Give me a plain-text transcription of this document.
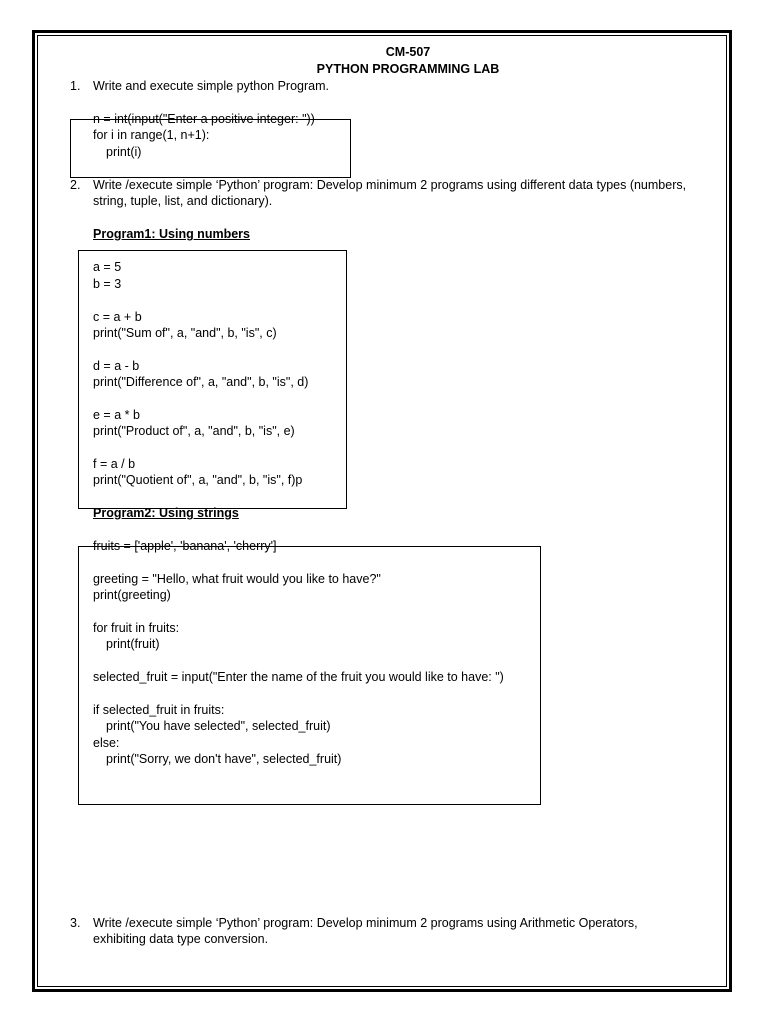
CM-507
PYTHON PROGRAMMING LAB
1. Write and execute simple python Program.
n = int(input("Enter a positive integer: "))
for i in range(1, n+1):
print(i)
2. Write /execute simple ‘Python’ program: Develop minimum 2 programs using different data types (numbers,
string, tuple, list, and dictionary).
Program1: Using numbers
a = 5
b = 3
c = a + b
print("Sum of", a, "and", b, "is", c)
d = a - b
print("Difference of", a, "and", b, "is", d)
e = a * b
print("Product of", a, "and", b, "is", e)
f = a / b
print("Quotient of", a, "and", b, "is", f)p
Program2: Using strings
fruits = ['apple', 'banana', 'cherry']
greeting = "Hello, what fruit would you like to have?"
print(greeting)
for fruit in fruits:
print(fruit)
selected_fruit = input("Enter the name of the fruit you would like to have: ")
if selected_fruit in fruits:
print("You have selected", selected_fruit)
else:
print("Sorry, we don't have", selected_fruit)
3. Write /execute simple ‘Python’ program: Develop minimum 2 programs using Arithmetic Operators,
exhibiting data type conversion.
